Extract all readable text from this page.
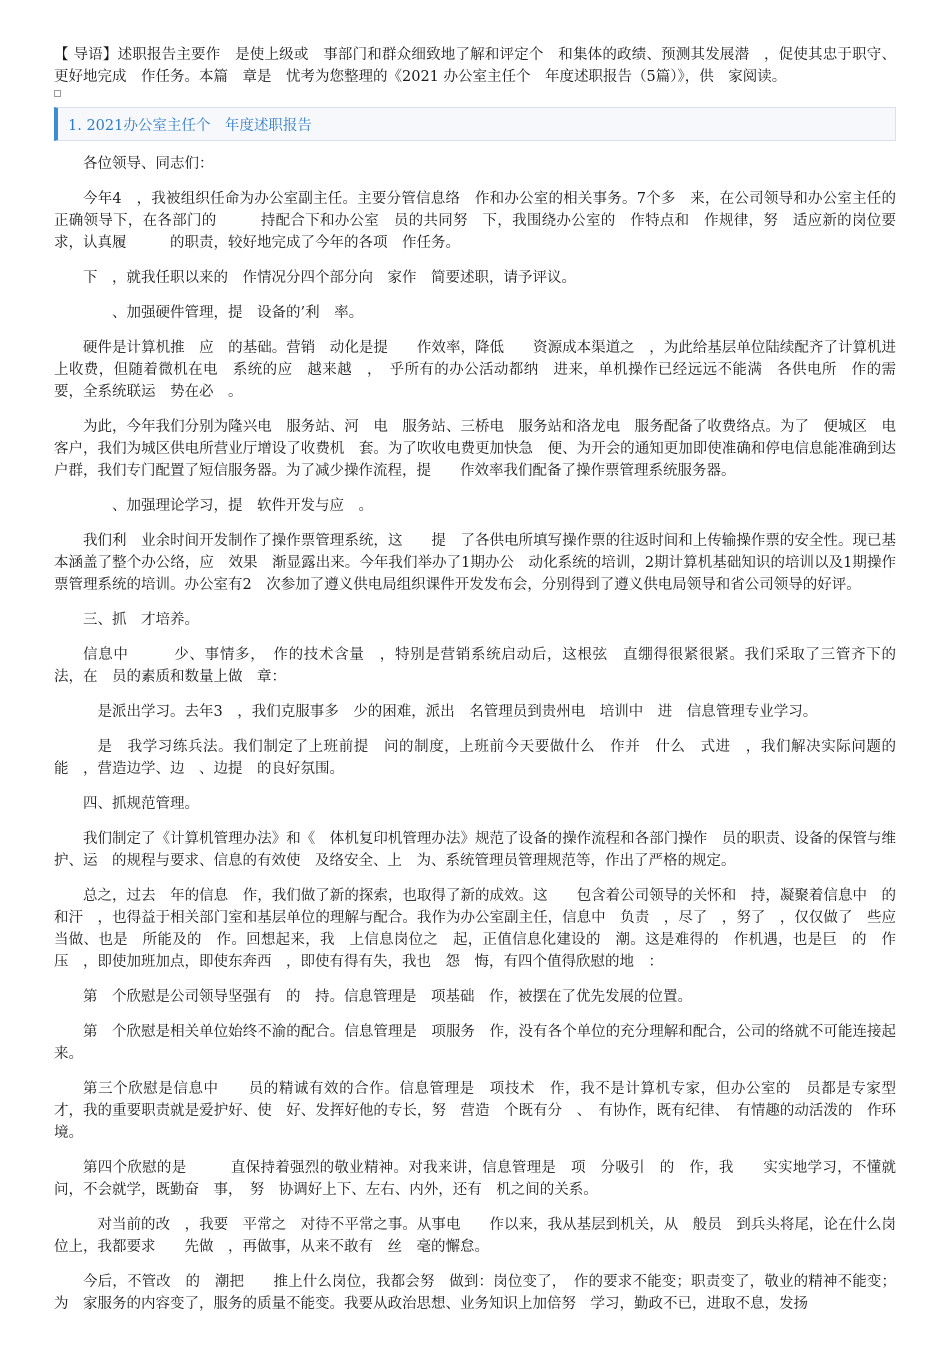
【 导语】述职报告主要作　是使上级或　事部门和群众细致地了解和评定个　和集体的政绩、预测其发展潜　，促使其忠于职守、更好地完成　作任务。本篇　章是　忧考为您整理的《2021 办公室主任个　年度述职报告（5篇）》，供　家阅读。

1. 2021办公室主任个　年度述职报告

各位领导、同志们：

今年4　，我被组织任命为办公室副主任。主要分管信息络　作和办公室的相关事务。7个多　来，在公司领导和办公室主任的正确领导下，在各部门的　　　持配合下和办公室　员的共同努　下，我围绕办公室的　作特点和　作规律，努　适应新的岗位要求，认真履　　　的职责，较好地完成了今年的各项　作任务。

下　，就我任职以来的　作情况分四个部分向　家作　简要述职，请予评议。

　、加强硬件管理，提　设备的’利　率。

硬件是计算机推　应　的基础。营销　动化是提　　作效率，降低　　资源成本渠道之　，为此给基层单位陆续配齐了计算机进　上收费，但随着微机在电　系统的应　越来越　，　乎所有的办公活动都纳　进来，单机操作已经远远不能满　各供电所　作的需要，全系统联运　势在必　。

为此，今年我们分别为隆兴电　服务站、河　电　服务站、三桥电　服务站和洛龙电　服务配备了收费络点。为了　便城区　电客户，我们为城区供电所营业厅增设了收费机　套。为了吹收电费更加快急　便、为开会的通知更加即使准确和停电信息能准确到达　户群，我们专门配置了短信服务器。为了减少操作流程，提　　作效率我们配备了操作票管理系统服务器。

　、加强理论学习，提　软件开发与应　。

我们利　业余时间开发制作了操作票管理系统，这　　提　了各供电所填写操作票的往返时间和上传输操作票的安全性。现已基本涵盖了整个办公络，应　效果　渐显露出来。今年我们举办了1期办公　动化系统的培训，2期计算机基础知识的培训以及1期操作票管理系统的培训。办公室有2　次参加了遵义供电局组织课件开发发布会，分别得到了遵义供电局领导和省公司领导的好评。

三、抓　才培养。

信息中　　　少、事情多，　作的技术含量　，特别是营销系统启动后，这根弦　直绷得很紧很紧。我们采取了三管齐下的　法，在　员的素质和数量上做　章：

是派出学习。去年3　，我们克服事多　少的困难，派出　名管理员到贵州电　培训中　进　信息管理专业学习。

是　我学习练兵法。我们制定了上班前提　问的制度，上班前今天要做什么　作并　什么　式进　，我们解决实际问题的能　，营造边学、边　、边提　的良好氛围。

四、抓规范管理。

我们制定了《计算机管理办法》和《　体机复印机管理办法》规范了设备的操作流程和各部门操作　员的职责、设备的保管与维护、运　的规程与要求、信息的有效使　及络安全、上　为、系统管理员管理规范等，作出了严格的规定。

总之，过去　年的信息　作，我们做了新的探索，也取得了新的成效。这　　包含着公司领导的关怀和　持，凝聚着信息中　的　　和汗　，也得益于相关部门室和基层单位的理解与配合。我作为办公室副主任，信息中　负责　，尽了　，努了　，仅仅做了　些应当做、也是　所能及的　作。回想起来，我　上信息岗位之　起，正值信息化建设的　潮。这是难得的　作机遇，也是巨　的　作压　，即使加班加点，即使东奔西　，即使有得有失，我也　怨　悔，有四个值得欣慰的地　：

第　个欣慰是公司领导坚强有　的　持。信息管理是　项基础　作，被摆在了优先发展的位置。

第　个欣慰是相关单位始终不渝的配合。信息管理是　项服务　作，没有各个单位的充分理解和配合，公司的络就不可能连接起来。

第三个欣慰是信息中　　员的精诚有效的合作。信息管理是　项技术　作，我不是计算机专家，但办公室的　员都是专家型　才，我的重要职责就是爱护好、使　好、发挥好他的专长，努　营造　个既有分　、　有协作，既有纪律、　有情趣的动活泼的　作环境。

第四个欣慰的是　　　直保持着强烈的敬业精神。对我来讲，信息管理是　项　分吸引　的　作，我　　实实地学习，不懂就问，不会就学，既勤奋　事，　努　协调好上下、左右、内外，还有　机之间的关系。

对当前的改　，我要　平常之　对待不平常之事。从事电　　作以来，我从基层到机关，从　般员　到兵头将尾，论在什么岗位上，我都要求　　先做　，再做事，从来不敢有　丝　毫的懈怠。

今后，不管改　的　潮把　　推上什么岗位，我都会努　做到：岗位变了，　作的要求不能变；职责变了，敬业的精神不能变；为　家服务的内容变了，服务的质量不能变。我要从政治思想、业务知识上加倍努　学习，勤政不已，进取不息，发扬
